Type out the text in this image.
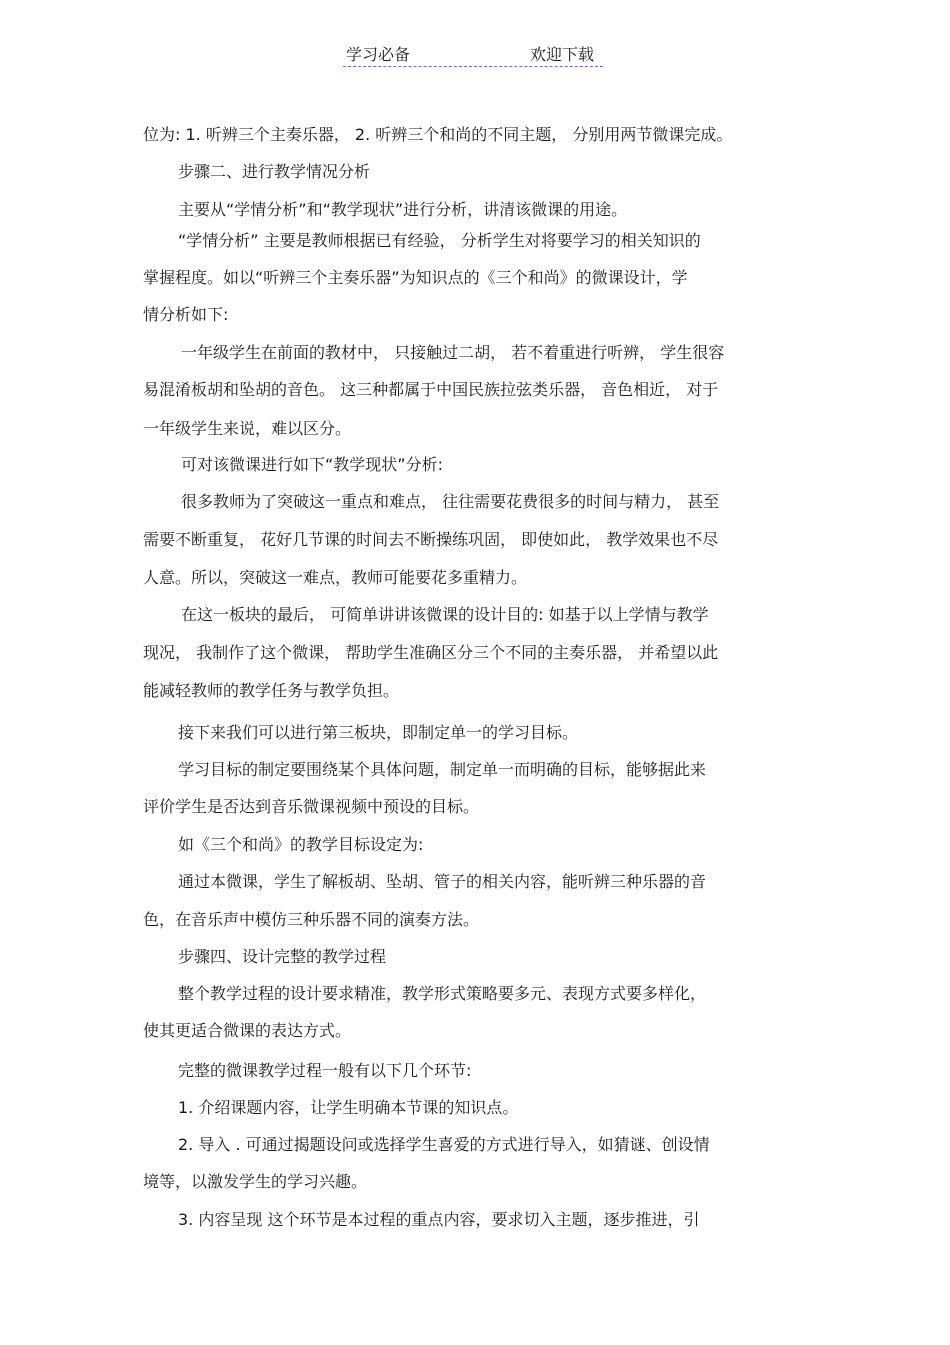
学习必备	欢迎下载
位为: 1. 听辨三个主奏乐器， 2. 听辨三个和尚的不同主题， 分别用两节微课完成。
步骤二、进行教学情况分析
主要从“学情分析”和“教学现状”进行分析，讲清该微课的用途。
“学情分析” 主要是教师根据已有经验， 分析学生对将要学习的相关知识的
掌握程度。如以“听辨三个主奏乐器”为知识点的《三个和尚》的微课设计，学
情分析如下:
一年级学生在前面的教材中， 只接触过二胡， 若不着重进行听辨， 学生很容
易混淆板胡和坠胡的音色。 这三种都属于中国民族拉弦类乐器， 音色相近， 对于
一年级学生来说，难以区分。
可对该微课进行如下“教学现状”分析:
很多教师为了突破这一重点和难点， 往往需要花费很多的时间与精力， 甚至
需要不断重复， 花好几节课的时间去不断操练巩固， 即使如此， 教学效果也不尽
人意。所以，突破这一难点，教师可能要花多重精力。
在这一板块的最后， 可简单讲讲该微课的设计目的: 如基于以上学情与教学
现况， 我制作了这个微课， 帮助学生准确区分三个不同的主奏乐器， 并希望以此
能减轻教师的教学任务与教学负担。
接下来我们可以进行第三板块，即制定单一的学习目标。
学习目标的制定要围绕某个具体问题，制定单一而明确的目标，能够据此来
评价学生是否达到音乐微课视频中预设的目标。
如《三个和尚》的教学目标设定为:
通过本微课，学生了解板胡、坠胡、管子的相关内容，能听辨三种乐器的音
色，在音乐声中模仿三种乐器不同的演奏方法。
步骤四、设计完整的教学过程
整个教学过程的设计要求精准，教学形式策略要多元、表现方式要多样化，
使其更适合微课的表达方式。
完整的微课教学过程一般有以下几个环节:
1. 介绍课题内容，让学生明确本节课的知识点。
2. 导入 . 可通过揭题设问或选择学生喜爱的方式进行导入，如猜谜、创设情
境等，以激发学生的学习兴趣。
3. 内容呈现 这个环节是本过程的重点内容，要求切入主题，逐步推进，引
